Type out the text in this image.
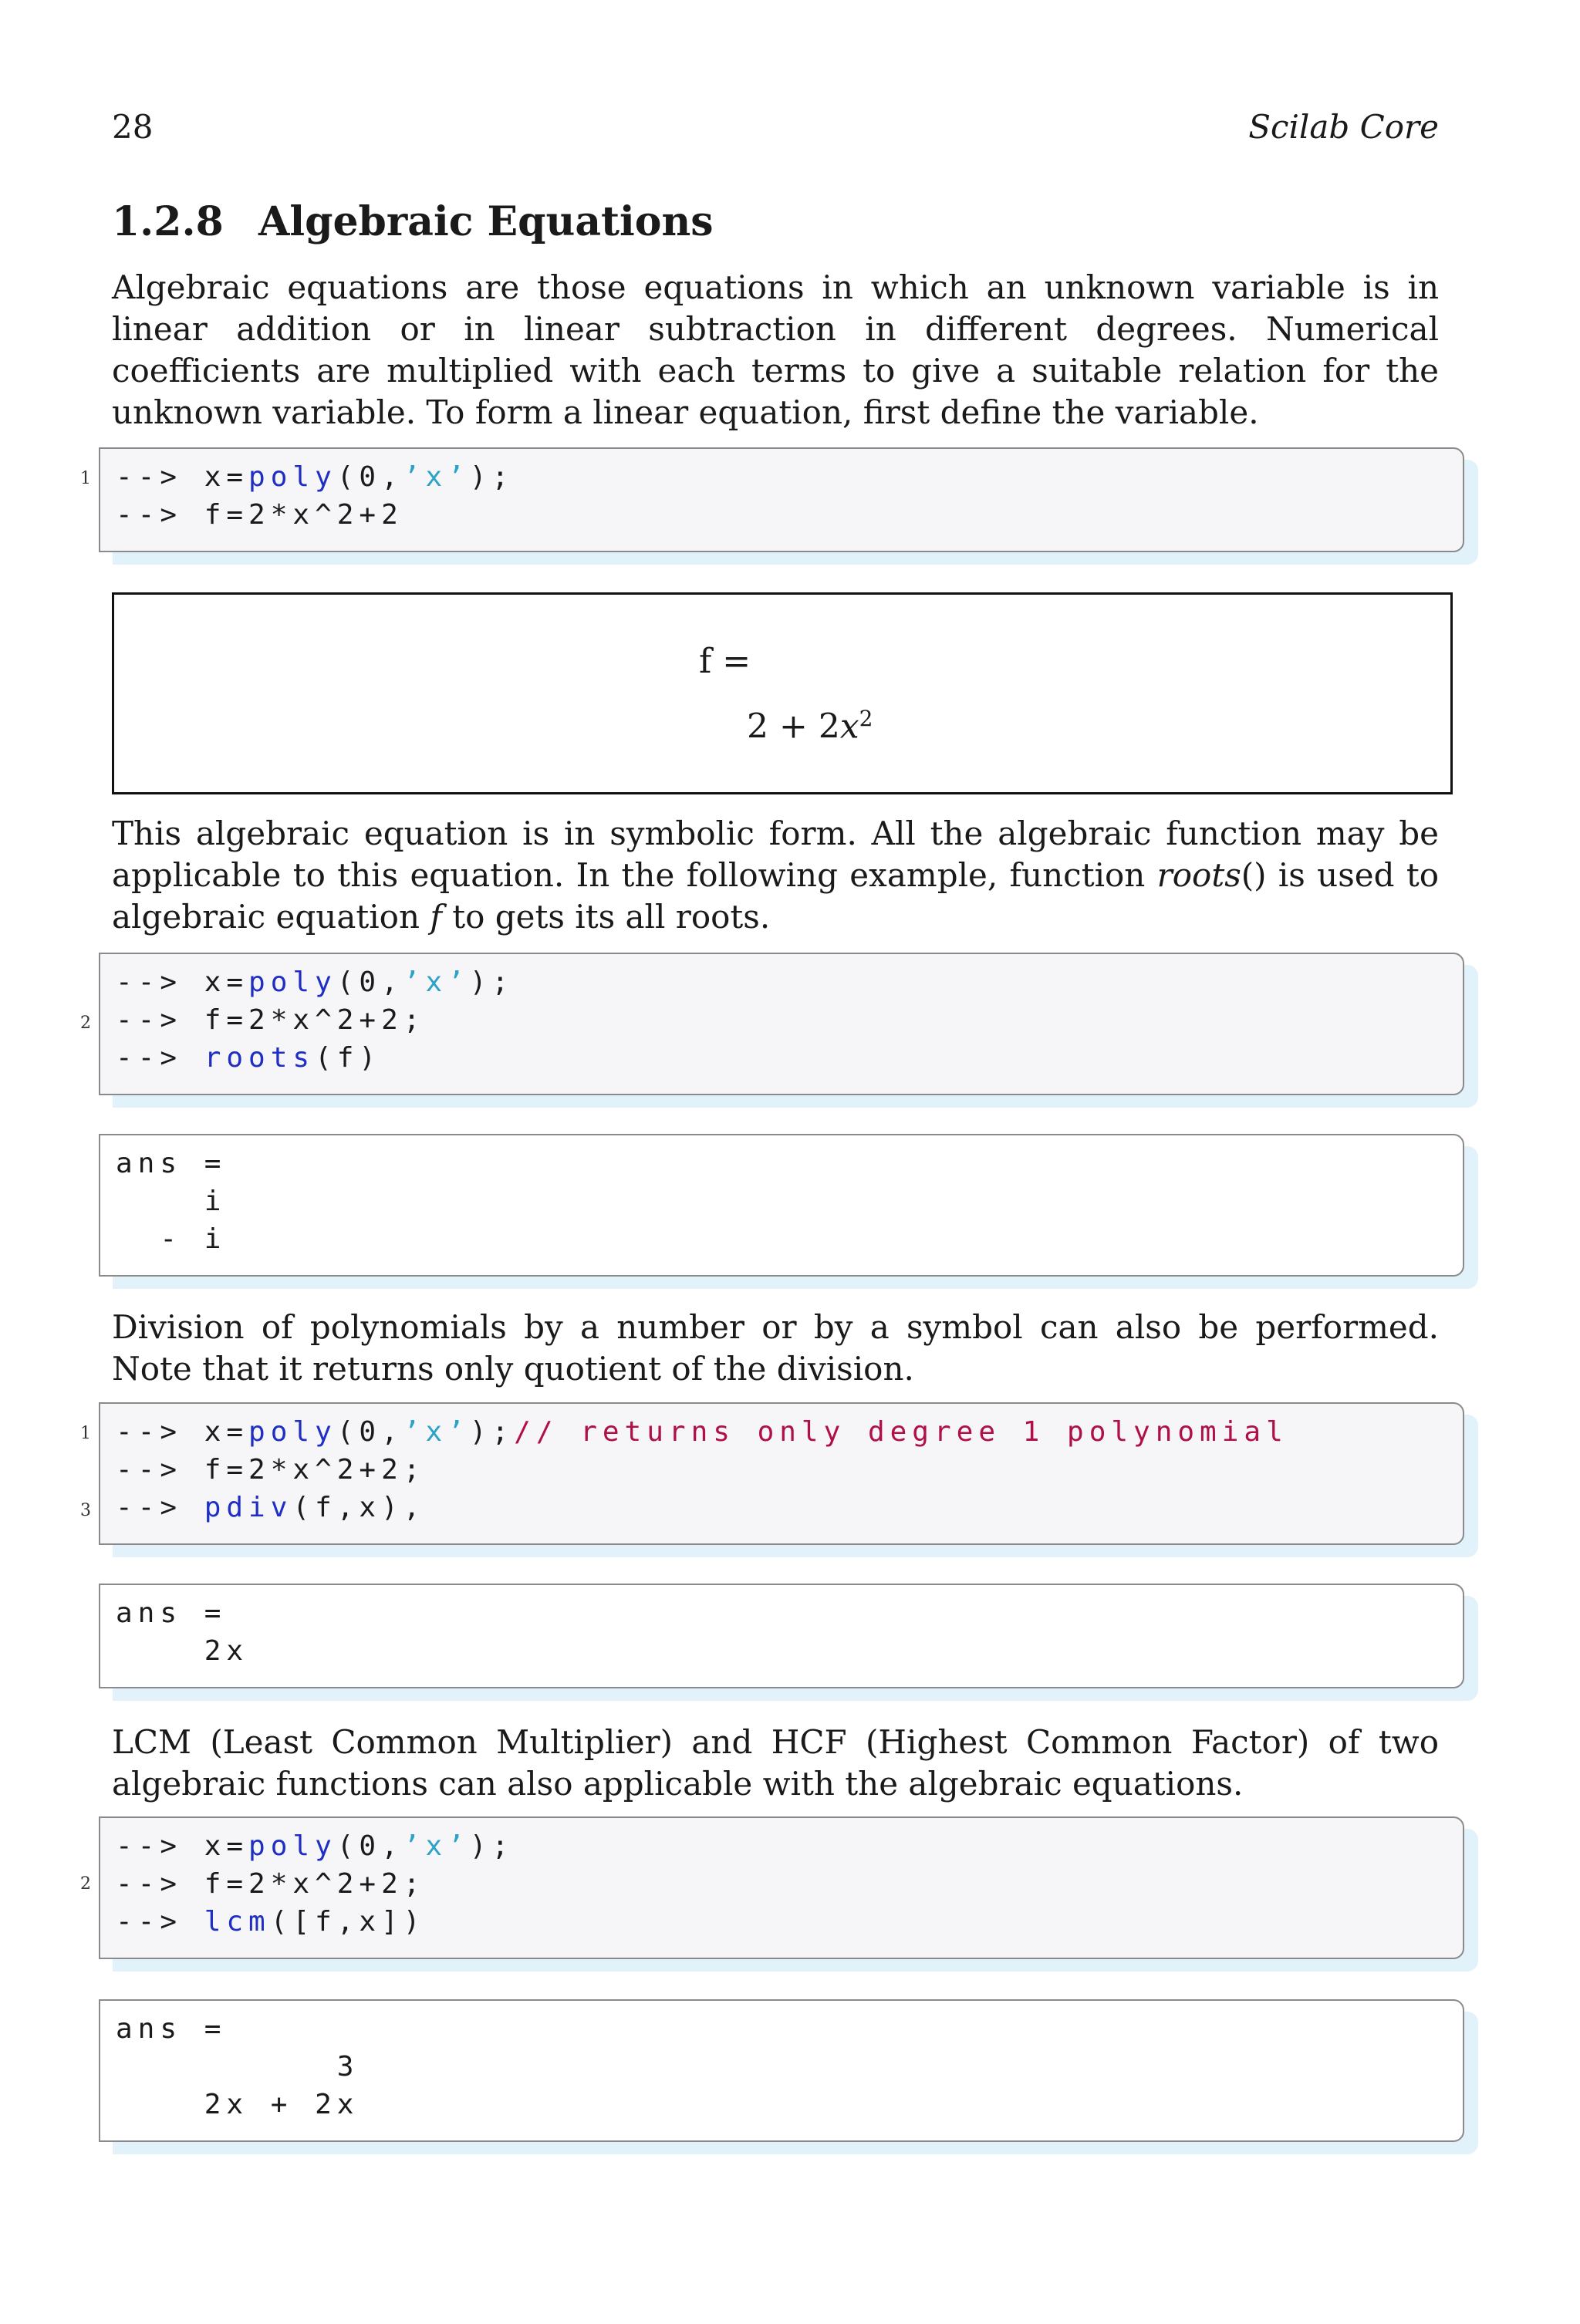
28	Scilab Core
1.2.8 Algebraic Equations
Algebraic equations are those equations in which an unknown variable is in linear addition or in linear subtraction in different degrees. Numerical coefficients are multiplied with each terms to give a suitable relation for the unknown variable. To form a linear equation, first define the variable.
1 --> x=poly(0,’x’);
--> f=2*x^2+2
f =
$2 + 2x^2$
This algebraic equation is in symbolic form. All the algebraic function may be applicable to this equation. In the following example, function roots() is used to algebraic equation f to gets its all roots.
2
--> x=poly(0,’x’);
--> f=2*x^2+2;
--> roots(f)
ans =
i
- i
Division of polynomials by a number or by a symbol can also be performed. Note that it returns only quotient of the division.
1
3
--> x=poly(0,’x’);// returns only degree 1 polynomial
--> f=2*x^2+2;
--> pdiv(f,x),
ans =
2x
LCM (Least Common Multiplier) and HCF (Highest Common Factor) of two algebraic functions can also applicable with the algebraic equations.
2
--> x=poly(0,’x’);
--> f=2*x^2+2;
--> lcm([f,x])
ans =
3
2x + 2x
